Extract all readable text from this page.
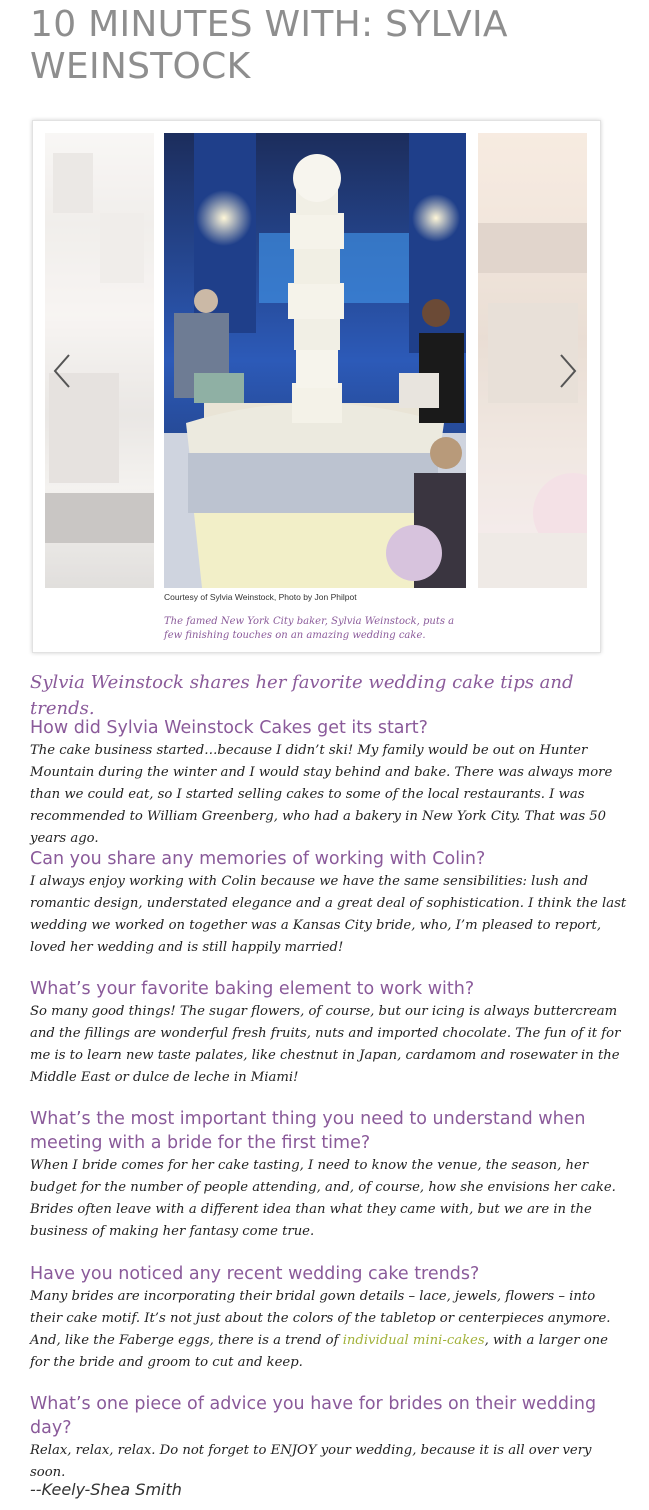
10 MINUTES WITH: SYLVIA WEINSTOCK
Courtesy of Sylvia Weinstock, Photo by Jon Philpot
The famed New York City baker, Sylvia Weinstock, puts a few finishing touches on an amazing wedding cake.

Sylvia Weinstock shares her favorite wedding cake tips and trends.

How did Sylvia Weinstock Cakes get its start?

The cake business started…because I didn’t ski! My family would be out on Hunter Mountain during the winter and I would stay behind and bake. There was always more than we could eat, so I started selling cakes to some of the local restaurants. I was recommended to William Greenberg, who had a bakery in New York City. That was 50 years ago.

Can you share any memories of working with Colin?

I always enjoy working with Colin because we have the same sensibilities: lush and romantic design, understated elegance and a great deal of sophistication. I think the last wedding we worked on together was a Kansas City bride, who, I’m pleased to report, loved her wedding and is still happily married!

What’s your favorite baking element to work with?

So many good things! The sugar flowers, of course, but our icing is always buttercream and the fillings are wonderful fresh fruits, nuts and imported chocolate. The fun of it for me is to learn new taste palates, like chestnut in Japan, cardamom and rosewater in the Middle East or dulce de leche in Miami!

What’s the most important thing you need to understand when meeting with a bride for the first time?

When I bride comes for her cake tasting, I need to know the venue, the season, her budget for the number of people attending, and, of course, how she envisions her cake. Brides often leave with a different idea than what they came with, but we are in the business of making her fantasy come true.

Have you noticed any recent wedding cake trends?

Many brides are incorporating their bridal gown details – lace, jewels, flowers – into their cake motif. It’s not just about the colors of the tabletop or centerpieces anymore. And, like the Faberge eggs, there is a trend of individual mini-cakes, with a larger one for the bride and groom to cut and keep.

What’s one piece of advice you have for brides on their wedding day?

Relax, relax, relax. Do not forget to ENJOY your wedding, because it is all over very soon.

--Keely-Shea Smith
